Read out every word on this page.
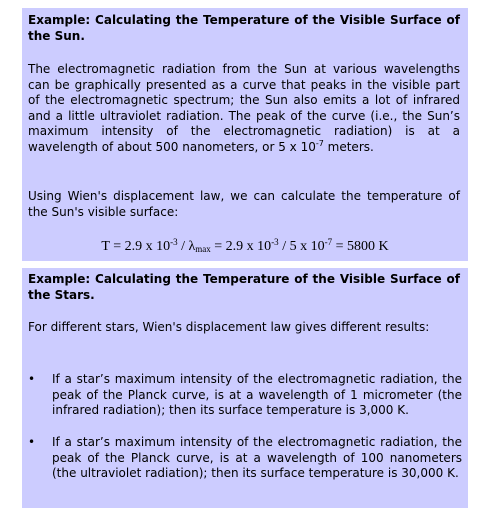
Example: Calculating the Temperature of the Visible Surface of the Sun.
The electromagnetic radiation from the Sun at various wavelengths can be graphically presented as a curve that peaks in the visible part of the electromagnetic spectrum; the Sun also emits a lot of infrared and a little ultraviolet radiation. The peak of the curve (i.e., the Sun’s maximum intensity of the electromagnetic radiation) is at a wavelength of about 500 nanometers, or 5 x $10^{-7}$ meters.
Using Wien's displacement law, we can calculate the temperature of the Sun's visible surface:
T = 2.9 x $10^{-3} / \lambda_{max} = 2.9$ x $10^{-3} / 5$ x $10^{-7} = 5800$ K
Example: Calculating the Temperature of the Visible Surface of the Stars.
For different stars, Wien's displacement law gives different results:
• If a star’s maximum intensity of the electromagnetic radiation, the peak of the Planck curve, is at a wavelength of 1 micrometer (the infrared radiation); then its surface temperature is 3,000 K.
• If a star’s maximum intensity of the electromagnetic radiation, the peak of the Planck curve, is at a wavelength of 100 nanometers (the ultraviolet radiation); then its surface temperature is 30,000 K.
